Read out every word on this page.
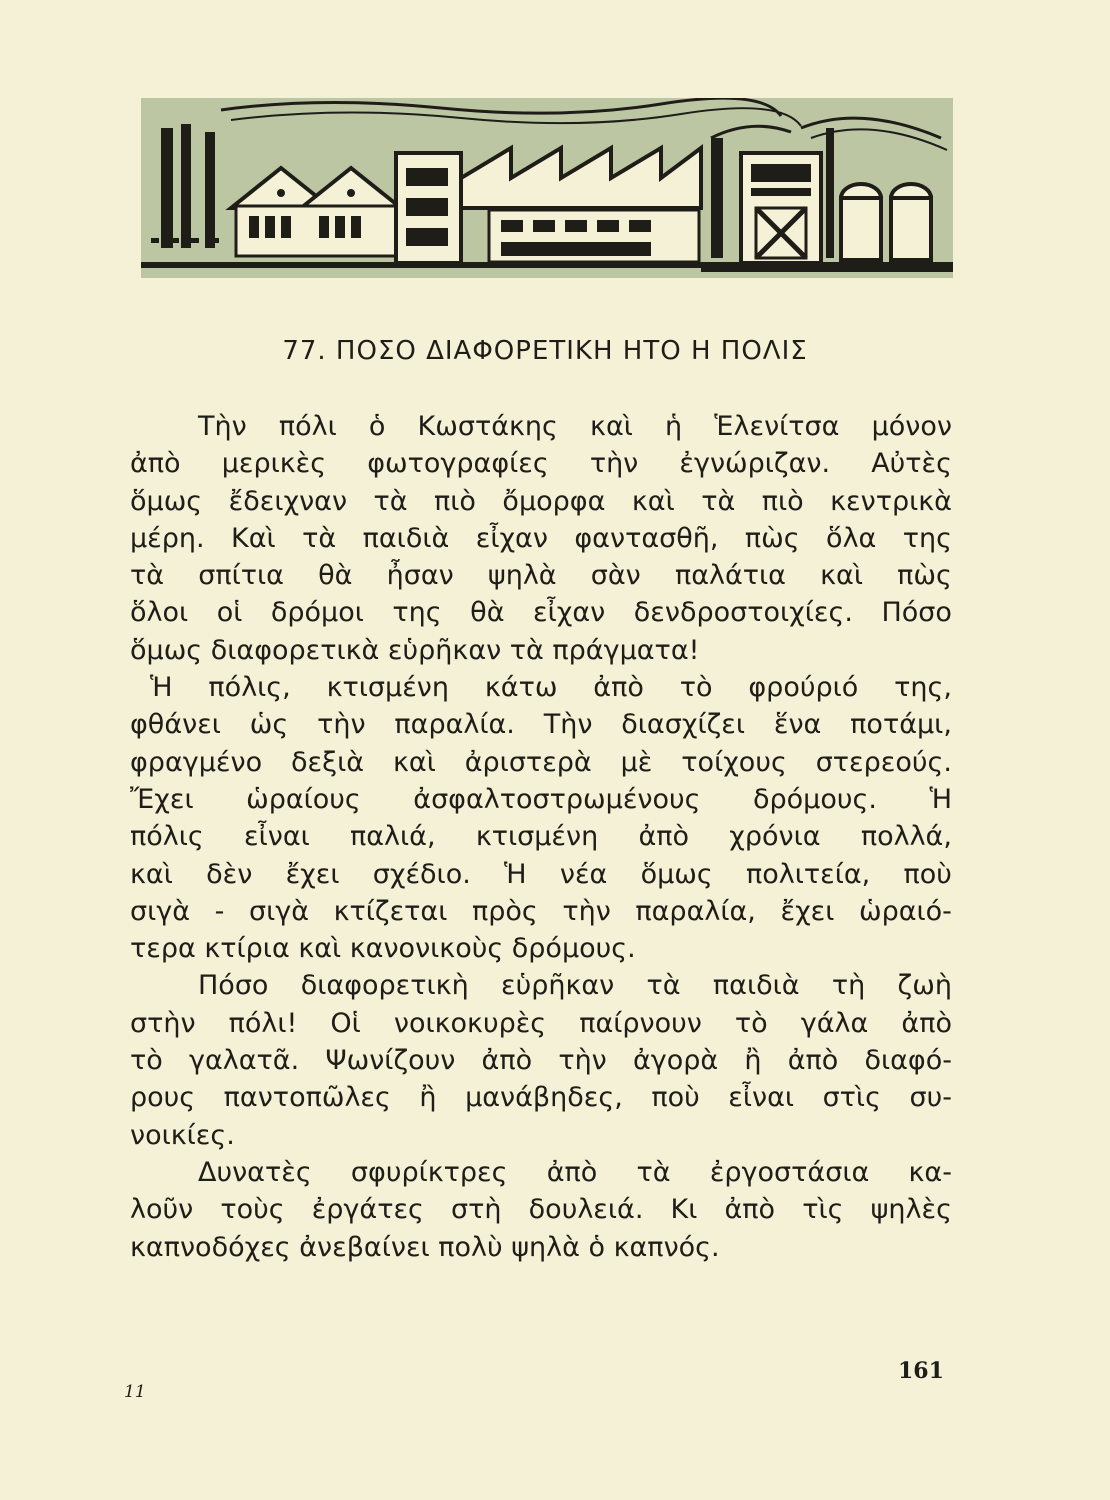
77. ΠΟΣΟ ΔΙΑΦΟΡΕΤΙΚΗ ΗΤΟ Η ΠΟΛΙΣ
Τὴν πόλι ὁ Κωστάκης καὶ ἡ Ἑλενίτσα μόνον
ἀπὸ μερικὲς φωτογραφίες τὴν ἐγνώριζαν. Αὐτὲς
ὅμως ἔδειχναν τὰ πιὸ ὄμορφα καὶ τὰ πιὸ κεντρικὰ
μέρη. Καὶ τὰ παιδιὰ εἶχαν φαντασθῆ, πὼς ὅλα της
τὰ σπίτια θὰ ἦσαν ψηλὰ σὰν παλάτια καὶ πὼς
ὅλοι οἱ δρόμοι της θὰ εἶχαν δενδροστοιχίες. Πόσο
ὅμως διαφορετικὰ εὑρῆκαν τὰ πράγματα!
Ἡ πόλις, κτισμένη κάτω ἀπὸ τὸ φρούριό της,
φθάνει ὡς τὴν παραλία. Τὴν διασχίζει ἕνα ποτάμι,
φραγμένο δεξιὰ καὶ ἀριστερὰ μὲ τοίχους στερεούς.
Ἔχει ὡραίους ἀσφαλτοστρωμένους δρόμους. Ἡ
πόλις εἶναι παλιά, κτισμένη ἀπὸ χρόνια πολλά,
καὶ δὲν ἔχει σχέδιο. Ἡ νέα ὅμως πολιτεία, ποὺ
σιγὰ - σιγὰ κτίζεται πρὸς τὴν παραλία, ἔχει ὡραιό-
τερα κτίρια καὶ κανονικοὺς δρόμους.
Πόσο διαφορετικὴ εὑρῆκαν τὰ παιδιὰ τὴ ζωὴ
στὴν πόλι! Οἱ νοικοκυρὲς παίρνουν τὸ γάλα ἀπὸ
τὸ γαλατᾶ. Ψωνίζουν ἀπὸ τὴν ἀγορὰ ἢ ἀπὸ διαφό-
ρους παντοπῶλες ἢ μανάβηδες, ποὺ εἶναι στὶς συ-
νοικίες.
Δυνατὲς σφυρίκτρες ἀπὸ τὰ ἐργοστάσια κα-
λοῦν τοὺς ἐργάτες στὴ δουλειά. Κι ἀπὸ τὶς ψηλὲς
καπνοδόχες ἀνεβαίνει πολὺ ψηλὰ ὁ καπνός.
11
161
